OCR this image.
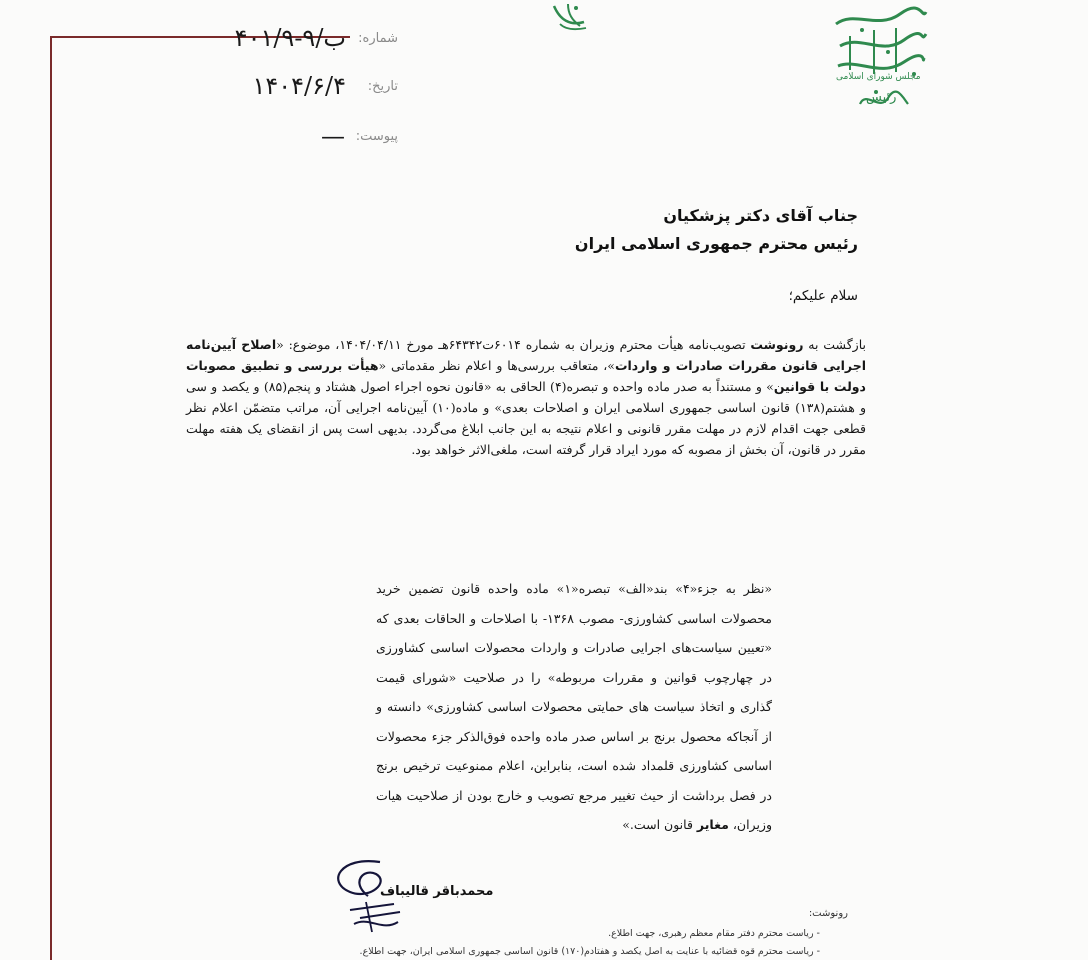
مجلس شورای اسلامی
رئیس
شماره:
۴۰۱/۹-۹/ب
تاریخ:
۱۴۰۴/۶/۴
پیوست:
—
جناب آقای دکتر پزشکیان
رئیس محترم جمهوری اسلامی ایران
سلام علیکم؛
بازگشت به رونوشت تصویب‌نامه هیأت محترم وزیران به شماره ۶۰۱۴ت۶۴۳۴۲هـ مورخ ۱۴۰۴/۰۴/۱۱، موضوع: «اصلاح آیین‌نامه اجرایی قانون مقررات صادرات و واردات»، متعاقب بررسی‌ها و اعلام نظر مقدماتی «هیأت بررسی و تطبیق مصوبات دولت با قوانین» و مستنداً به صدر ماده واحده و تبصره(۴) الحاقی به «قانون نحوه اجراء اصول هشتاد و پنجم(۸۵) و یکصد و سی و هشتم(۱۳۸) قانون اساسی جمهوری اسلامی ایران و اصلاحات بعدی» و ماده(۱۰) آیین‌نامه اجرایی آن، مراتب متضمّن اعلام نظر قطعی جهت اقدام لازم در مهلت مقرر قانونی و اعلام نتیجه به این جانب ابلاغ می‌گردد. بدیهی است پس از انقضای یک هفته مهلت مقرر در قانون، آن بخش از مصوبه که مورد ایراد قرار گرفته است، ملغی‌الاثر خواهد بود.
«نظر به جزء«۴» بند«الف» تبصره«۱» ماده واحده قانون تضمین خرید محصولات اساسی کشاورزی- مصوب ۱۳۶۸- با اصلاحات و الحاقات بعدی که «تعیین سیاست‌های اجرایی صادرات و واردات محصولات اساسی کشاورزی در چهارچوب قوانین و مقررات مربوطه» را در صلاحیت «شورای قیمت گذاری و اتخاذ سیاست های حمایتی محصولات اساسی کشاورزی» دانسته و از آنجاکه محصول برنج بر اساس صدر ماده واحده فوق‌الذکر جزء محصولات اساسی کشاورزی قلمداد شده است، بنابراین، اعلام ممنوعیت ترخیص برنج در فصل برداشت از حیث تغییر مرجع تصویب و خارج بودن از صلاحیت هیات وزیران، مغایر قانون است.»
محمدباقر قالیباف
رونوشت:
- ریاست محترم دفتر مقام معظم رهبری، جهت اطلاع.
- ریاست محترم قوه قضائیه با عنایت به اصل یکصد و هفتادم(۱۷۰) قانون اساسی جمهوری اسلامی ایران، جهت اطلاع.
